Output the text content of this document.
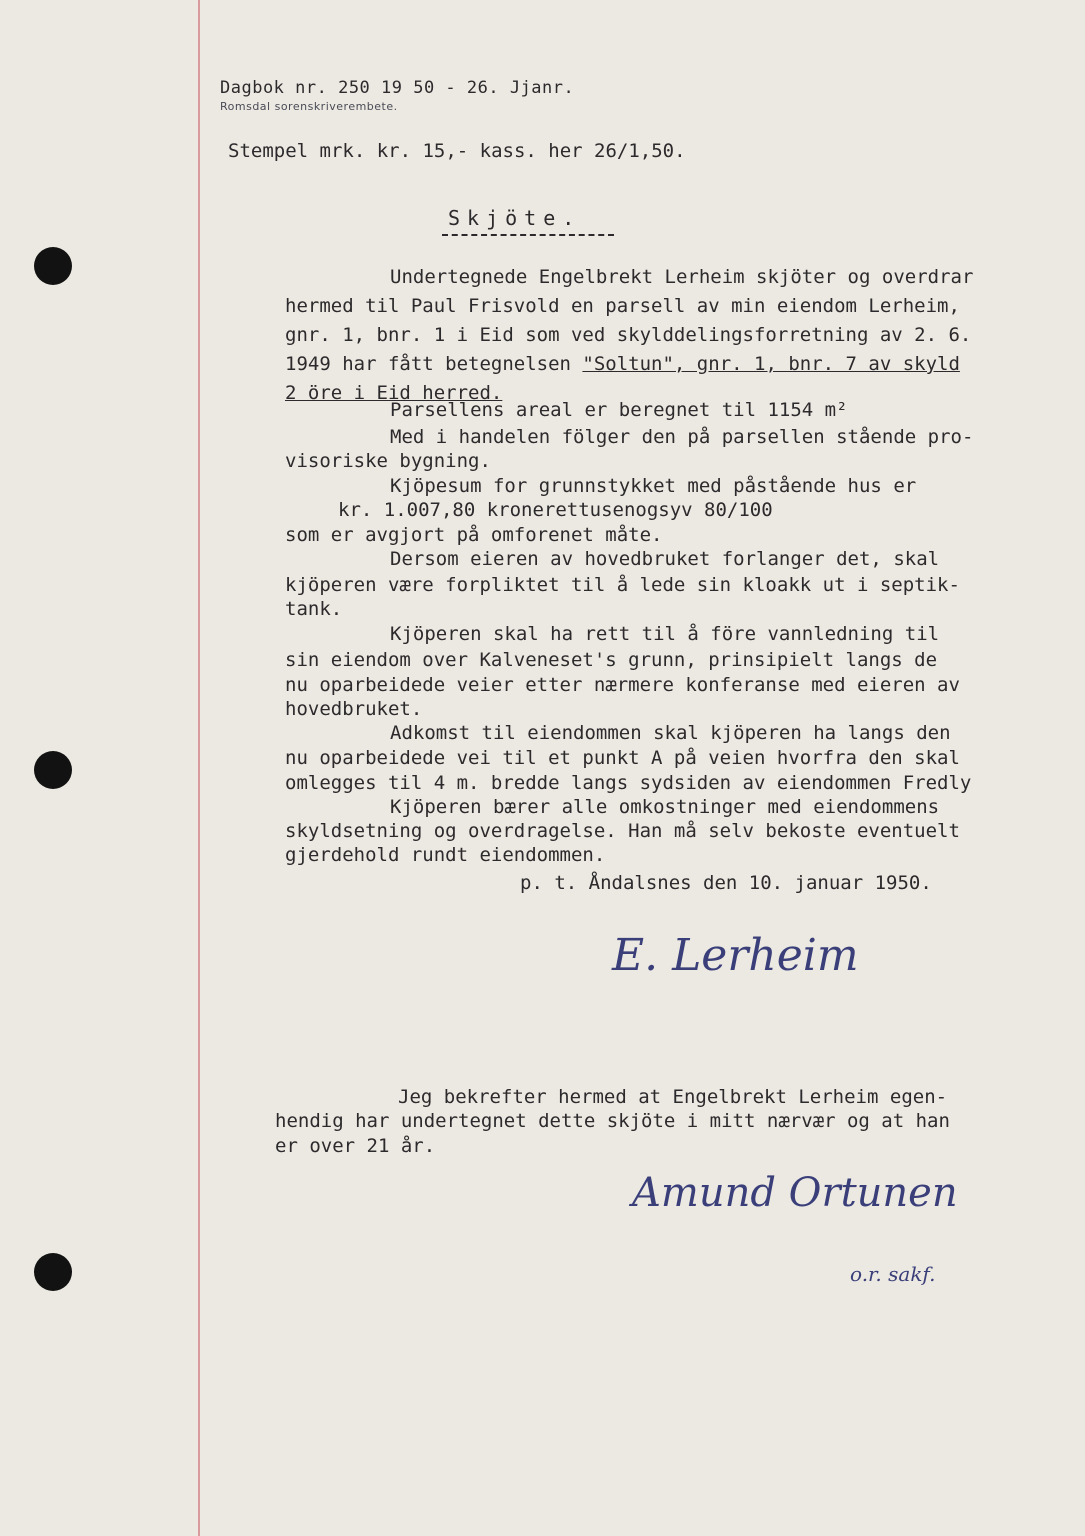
Dagbok nr. 250 19 50 - 26. Jjanr.
Romsdal sorenskriverembete.
Stempel mrk. kr. 15,- kass. her 26/1,50.
Skjöte.
Undertegnede Engelbrekt Lerheim skjöter og overdrar
hermed til Paul Frisvold en parsell av min eiendom Lerheim,
gnr. 1, bnr. 1 i Eid som ved skylddelingsforretning av 2. 6.
1949 har fått betegnelsen "Soltun", gnr. 1, bnr. 7 av skyld
2 öre i Eid herred.
Parsellens areal er beregnet til 1154 m²
Med i handelen fölger den på parsellen stående pro-
visoriske bygning.
Kjöpesum for grunnstykket med påstående hus er
kr. 1.007,80 kronerettusenogsyv 80/100
som er avgjort på omforenet måte.
Dersom eieren av hovedbruket forlanger det, skal
kjöperen være forpliktet til å lede sin kloakk ut i septik-
tank.
Kjöperen skal ha rett til å före vannledning til
sin eiendom over Kalveneset's grunn, prinsipielt langs de
nu oparbeidede veier etter nærmere konferanse med eieren av
hovedbruket.
Adkomst til eiendommen skal kjöperen ha langs den
nu oparbeidede vei til et punkt A på veien hvorfra den skal
omlegges til 4 m. bredde langs sydsiden av eiendommen Fredly
Kjöperen bærer alle omkostninger med eiendommens
skyldsetning og overdragelse. Han må selv bekoste eventuelt
gjerdehold rundt eiendommen.
p. t. Åndalsnes den 10. januar 1950.
E. Lerheim
Jeg bekrefter hermed at Engelbrekt Lerheim egen-
hendig har undertegnet dette skjöte i mitt nærvær og at han
er over 21 år.
Amund Ortunen
o.r. sakf.
